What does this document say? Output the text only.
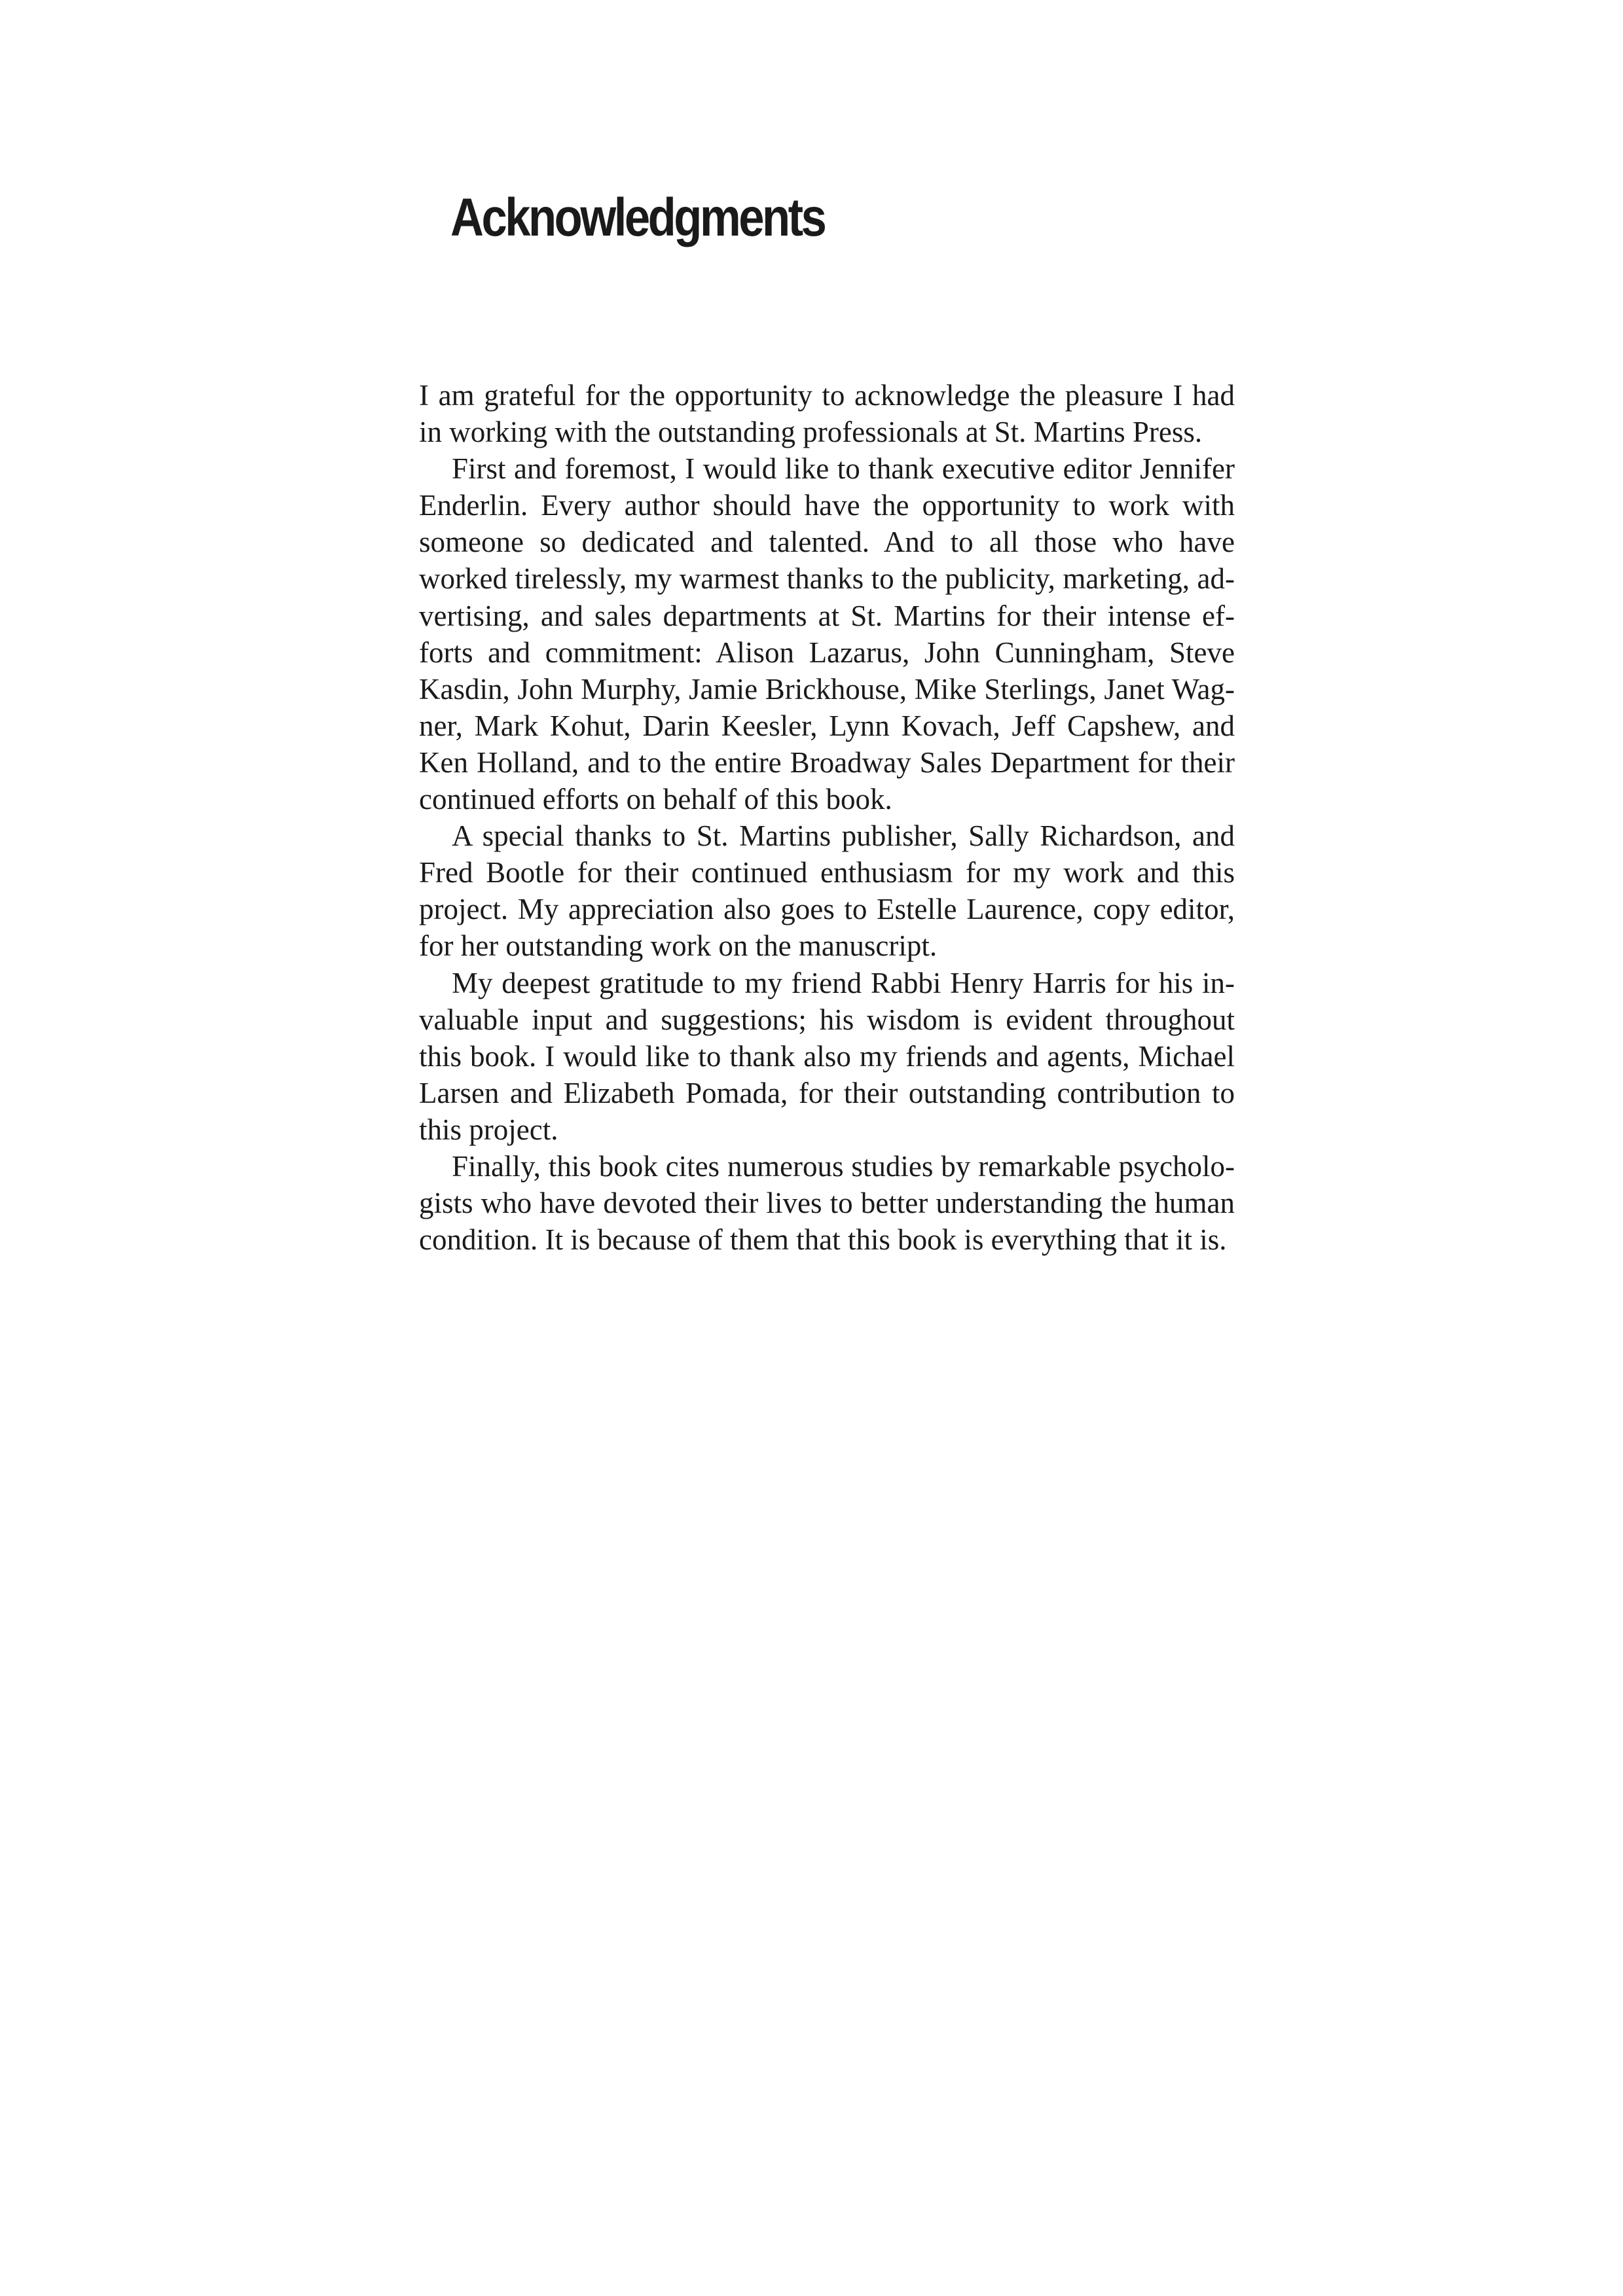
Acknowledgments

I am grateful for the opportunity to acknowledge the pleasure I had in working with the outstanding professionals at St. Martins Press.

First and foremost, I would like to thank executive editor Jennifer Enderlin. Every author should have the opportunity to work with someone so dedicated and talented. And to all those who have worked tirelessly, my warmest thanks to the publicity, marketing, advertising, and sales departments at St. Martins for their intense efforts and commitment: Alison Lazarus, John Cunningham, Steve Kasdin, John Murphy, Jamie Brickhouse, Mike Sterlings, Janet Wagner, Mark Kohut, Darin Keesler, Lynn Kovach, Jeff Capshew, and Ken Holland, and to the entire Broadway Sales Department for their continued efforts on behalf of this book.

A special thanks to St. Martins publisher, Sally Richardson, and Fred Bootle for their continued enthusiasm for my work and this project. My appreciation also goes to Estelle Laurence, copy editor, for her outstanding work on the manuscript.

My deepest gratitude to my friend Rabbi Henry Harris for his invaluable input and suggestions; his wisdom is evident throughout this book. I would like to thank also my friends and agents, Michael Larsen and Elizabeth Pomada, for their outstanding contribution to this project.

Finally, this book cites numerous studies by remarkable psychologists who have devoted their lives to better understanding the human condition. It is because of them that this book is everything that it is.
